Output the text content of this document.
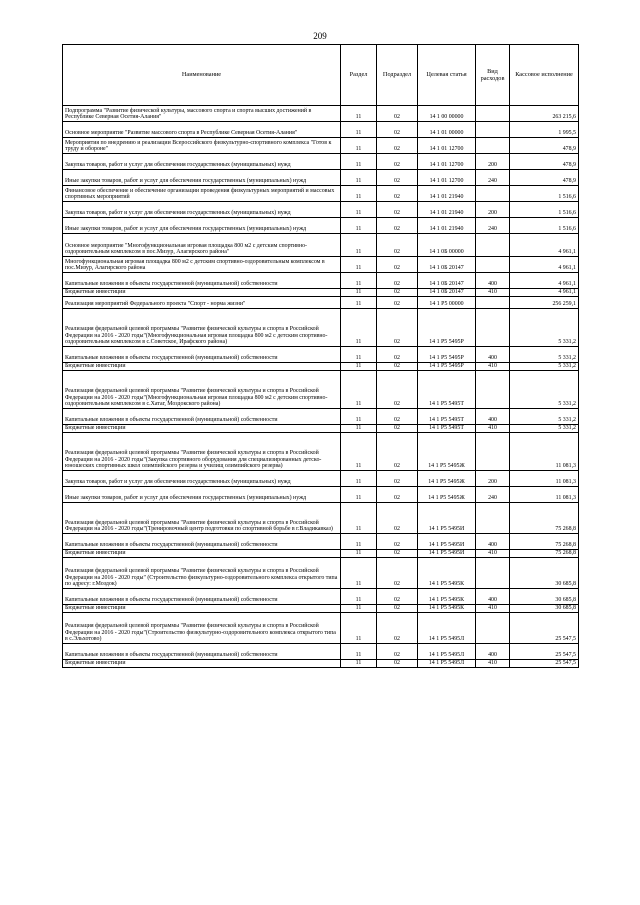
209
Наименование	Раздел	Подраздел	Целевая статья	Вид расходов	Кассовое исполнение
Подпрограмма "Развитие физической культуры, массового спорта и спорта высших достижений в Республике Северная Осетия-Алания"	11	02	14 1 00 00000		263 215,6
Основное мероприятие "Развитие массового спорта в Республике Северная Осетия-Алания"	11	02	14 1 01 00000		1 995,5
Мероприятия по внедрению и реализации Всероссийского физкультурно-спортивного комплекса "Готов к труду и обороне"	11	02	14 1 01 12700		478,9
Закупка товаров, работ и услуг для обеспечения государственных (муниципальных) нужд	11	02	14 1 01 12700	200	478,9
Иные закупки товаров, работ и услуг для обеспечения государственных (муниципальных) нужд	11	02	14 1 01 12700	240	478,9
Финансовое обеспечение и обеспечение организации проведения физкультурных мероприятий и массовых спортивных мероприятий	11	02	14 1 01 21940		1 516,6
Закупка товаров, работ и услуг для обеспечения государственных (муниципальных) нужд	11	02	14 1 01 21940	200	1 516,6
Иные закупки товаров, работ и услуг для обеспечения государственных (муниципальных) нужд	11	02	14 1 01 21940	240	1 516,6
Основное мероприятие "Многофункциональная игровая площадка 800 м2 с детским спортивно-оздоровительным комплексом в пос.Мизур, Алагирского района"	11	02	14 1 0Б 00000		4 961,1
Многофункциональная игровая площадка 800 м2 с детским спортивно-оздоровительным комплексом в пос.Мизур, Алагирского района	11	02	14 1 0Б 20147		4 961,1
Капитальные вложения в объекты государственной (муниципальной) собственности	11	02	14 1 0Б 20147	400	4 961,1
Бюджетные инвестиции	11	02	14 1 0Б 20147	410	4 961,1
Реализация мероприятий Федерального проекта "Спорт - норма жизни"	11	02	14 1 P5 00000		256 259,1
Реализация федеральной целевой программы "Развитие физической культуры и спорта в Российской Федерации на 2016 - 2020 годы"(Многофункциональная игровая площадка 800 м2 с детским спортивно-оздоровительным комплексом в с.Советское, Ирафского района)	11	02	14 1 P5 5495P		5 331,2
Капитальные вложения в объекты государственной (муниципальной) собственности	11	02	14 1 P5 5495P	400	5 331,2
Бюджетные инвестиции	11	02	14 1 P5 5495P	410	5 331,2
Реализация федеральной целевой программы "Развитие физической культуры и спорта в Российской Федерации на 2016 - 2020 годы"(Многофункциональная игровая площадка 800 м2 с детским спортивно-оздоровительным комплексом в с.Хатаг, Моздокского района)	11	02	14 1 P5 5495T		5 331,2
Капитальные вложения в объекты государственной (муниципальной) собственности	11	02	14 1 P5 5495T	400	5 331,2
Бюджетные инвестиции	11	02	14 1 P5 5495T	410	5 331,2
Реализация федеральной целевой программы "Развитие физической культуры и спорта в Российской Федерации на 2016 - 2020 годы"(Закупка спортивного оборудования для специализированных детско-юношеских спортивных школ олимпийского резерва и училищ олимпийского резерва)	11	02	14 1 P5 5495Ж		11 081,3
Закупка товаров, работ и услуг для обеспечения государственных (муниципальных) нужд	11	02	14 1 P5 5495Ж	200	11 081,3
Иные закупки товаров, работ и услуг для обеспечения государственных (муниципальных) нужд	11	02	14 1 P5 5495Ж	240	11 081,3
Реализация федеральной целевой программы "Развитие физической культуры и спорта в Российской Федерации на 2016 - 2020 годы"(Тренировочный центр подготовки по спортивной борьбе в г.Владикавказ)	11	02	14 1 P5 5495И		75 268,8
Капитальные вложения в объекты государственной (муниципальной) собственности	11	02	14 1 P5 5495И	400	75 268,8
Бюджетные инвестиции	11	02	14 1 P5 5495И	410	75 268,8
Реализация федеральной целевой программы "Развитие физической культуры и спорта в Российской Федерации на 2016 - 2020 годы" (Строительство физкультурно-оздоровительного комплекса открытого типа по адресу: г.Моздок)	11	02	14 1 P5 5495К		30 685,8
Капитальные вложения в объекты государственной (муниципальной) собственности	11	02	14 1 P5 5495К	400	30 685,8
Бюджетные инвестиции	11	02	14 1 P5 5495К	410	30 685,8
Реализация федеральной целевой программы "Развитие физической культуры и спорта в Российской Федерации на 2016 - 2020 годы"(Строительство физкультурно-оздоровительного комплекса открытого типа в с.Эльхотово)	11	02	14 1 P5 5495Л		25 547,5
Капитальные вложения в объекты государственной (муниципальной) собственности	11	02	14 1 P5 5495Л	400	25 547,5
Бюджетные инвестиции	11	02	14 1 P5 5495Л	410	25 547,5
